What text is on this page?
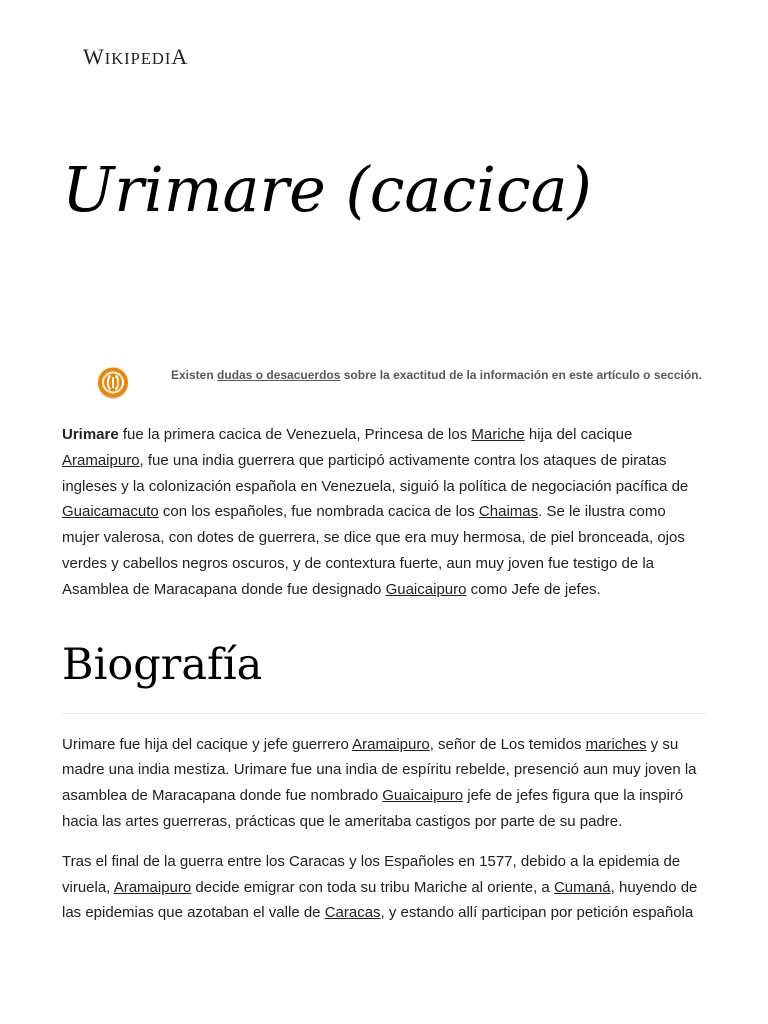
WIKIPEDIA
Urimare (cacica)
Existen dudas o desacuerdos sobre la exactitud de la información en este artículo o sección.

Urimare fue la primera cacica de Venezuela, Princesa de los Mariche hija del cacique Aramaipuro, fue una india guerrera que participó activamente contra los ataques de piratas ingleses y la colonización española en Venezuela, siguió la política de negociación pacífica de Guaicamacuto con los españoles, fue nombrada cacica de los Chaimas. Se le ilustra como mujer valerosa, con dotes de guerrera, se dice que era muy hermosa, de piel bronceada, ojos verdes y cabellos negros oscuros, y de contextura fuerte, aun muy joven fue testigo de la Asamblea de Maracapana donde fue designado Guaicaipuro como Jefe de jefes.

Biografía

Urimare fue hija del cacique y jefe guerrero Aramaipuro, señor de Los temidos mariches y su madre una india mestiza. Urimare fue una india de espíritu rebelde, presenció aun muy joven la asamblea de Maracapana donde fue nombrado Guaicaipuro jefe de jefes figura que la inspiró hacia las artes guerreras, prácticas que le ameritaba castigos por parte de su padre.

Tras el final de la guerra entre los Caracas y los Españoles en 1577, debido a la epidemia de viruela, Aramaipuro decide emigrar con toda su tribu Mariche al oriente, a Cumaná, huyendo de las epidemias que azotaban el valle de Caracas, y estando allí participan por petición española
